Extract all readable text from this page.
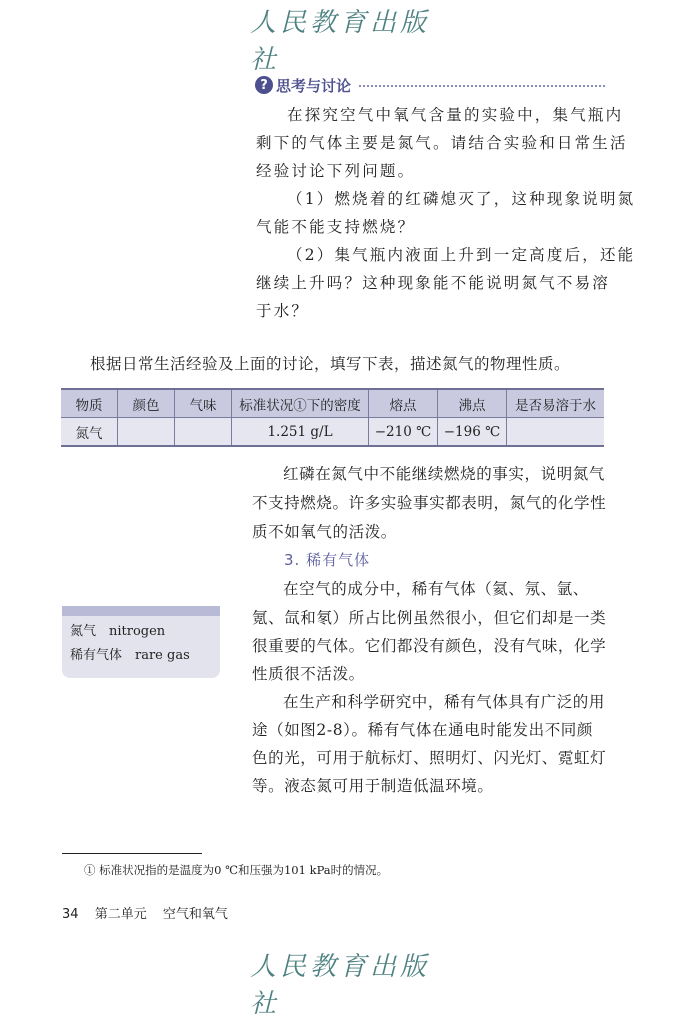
人民教育出版社
? 思考与讨论
在探究空气中氧气含量的实验中，集气瓶内
剩下的气体主要是氮气。请结合实验和日常生活
经验讨论下列问题。
（1）燃烧着的红磷熄灭了，这种现象说明氮
气能不能支持燃烧？
（2）集气瓶内液面上升到一定高度后，还能
继续上升吗？这种现象能不能说明氮气不易溶
于水？
根据日常生活经验及上面的讨论，填写下表，描述氮气的物理性质。
物质	颜色	气味	标准状况①下的密度	熔点	沸点	是否易溶于水
氮气			1.251 g/L	−210 ℃	−196 ℃	
红磷在氮气中不能继续燃烧的事实，说明氮气
不支持燃烧。许多实验事实都表明，氮气的化学性
质不如氧气的活泼。
3. 稀有气体
在空气的成分中，稀有气体（氦、氖、氩、
氪、氙和氡）所占比例虽然很小，但它们却是一类
很重要的气体。它们都没有颜色，没有气味，化学
性质很不活泼。
在生产和科学研究中，稀有气体具有广泛的用
途（如图2-8）。稀有气体在通电时能发出不同颜
色的光，可用于航标灯、照明灯、闪光灯、霓虹灯
等。液态氮可用于制造低温环境。
氮气　nitrogen
稀有气体　rare gas
① 标准状况指的是温度为0 ℃和压强为101 kPa时的情况。
34 第二单元 空气和氧气
人民教育出版社
